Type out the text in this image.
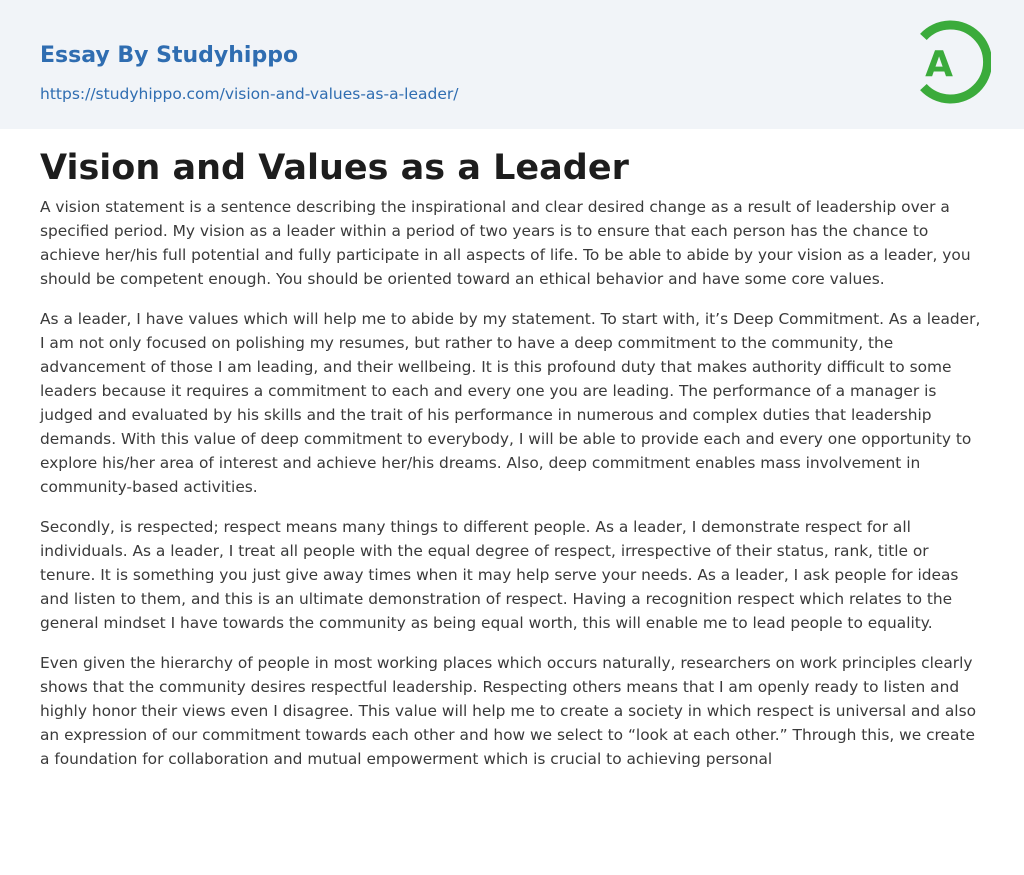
Essay By Studyhippo
https://studyhippo.com/vision-and-values-as-a-leader/
A
Vision and Values as a Leader

A vision statement is a sentence describing the inspirational and clear desired change as a result of leadership over a specified period. My vision as a leader within a period of two years is to ensure that each person has the chance to achieve her/his full potential and fully participate in all aspects of life. To be able to abide by your vision as a leader, you should be competent enough. You should be oriented toward an ethical behavior and have some core values.

As a leader, I have values which will help me to abide by my statement. To start with, it’s Deep Commitment. As a leader, I am not only focused on polishing my resumes, but rather to have a deep commitment to the community, the advancement of those I am leading, and their wellbeing. It is this profound duty that makes authority difficult to some leaders because it requires a commitment to each and every one you are leading. The performance of a manager is judged and evaluated by his skills and the trait of his performance in numerous and complex duties that leadership demands. With this value of deep commitment to everybody, I will be able to provide each and every one opportunity to explore his/her area of interest and achieve her/his dreams. Also, deep commitment enables mass involvement in community-based activities.

Secondly, is respected; respect means many things to different people. As a leader, I demonstrate respect for all individuals. As a leader, I treat all people with the equal degree of respect, irrespective of their status, rank, title or tenure. It is something you just give away times when it may help serve your needs. As a leader, I ask people for ideas and listen to them, and this is an ultimate demonstration of respect. Having a recognition respect which relates to the general mindset I have towards the community as being equal worth, this will enable me to lead people to equality.

Even given the hierarchy of people in most working places which occurs naturally, researchers on work principles clearly shows that the community desires respectful leadership. Respecting others means that I am openly ready to listen and highly honor their views even I disagree. This value will help me to create a society in which respect is universal and also an expression of our commitment towards each other and how we select to “look at each other.” Through this, we create a foundation for collaboration and mutual empowerment which is crucial to achieving personal
